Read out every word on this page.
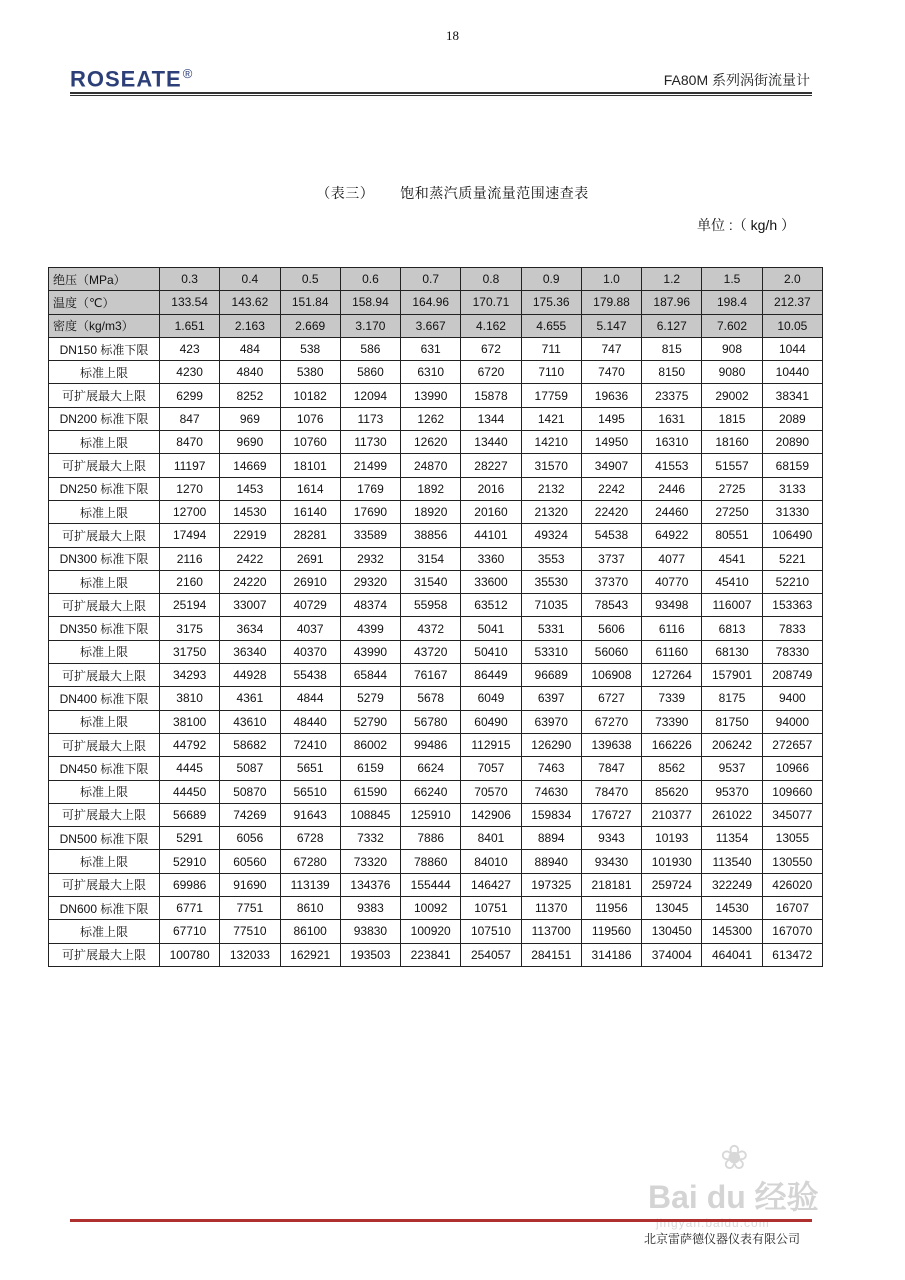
18
ROSEATE®	FA80M 系列涡街流量计
（表三） 饱和蒸汽质量流量范围速查表
单位 :（ kg/h ）
绝压（MPa）	0.3	0.4	0.5	0.6	0.7	0.8	0.9	1.0	1.2	1.5	2.0
温度（℃）	133.54	143.62	151.84	158.94	164.96	170.71	175.36	179.88	187.96	198.4	212.37
密度（kg/m3）	1.651	2.163	2.669	3.170	3.667	4.162	4.655	5.147	6.127	7.602	10.05
DN150 标准下限	423	484	538	586	631	672	711	747	815	908	1044
标准上限	4230	4840	5380	5860	6310	6720	7110	7470	8150	9080	10440
可扩展最大上限	6299	8252	10182	12094	13990	15878	17759	19636	23375	29002	38341
DN200 标准下限	847	969	1076	1173	1262	1344	1421	1495	1631	1815	2089
标准上限	8470	9690	10760	11730	12620	13440	14210	14950	16310	18160	20890
可扩展最大上限	11197	14669	18101	21499	24870	28227	31570	34907	41553	51557	68159
DN250 标准下限	1270	1453	1614	1769	1892	2016	2132	2242	2446	2725	3133
标准上限	12700	14530	16140	17690	18920	20160	21320	22420	24460	27250	31330
可扩展最大上限	17494	22919	28281	33589	38856	44101	49324	54538	64922	80551	106490
DN300 标准下限	2116	2422	2691	2932	3154	3360	3553	3737	4077	4541	5221
标准上限	2160	24220	26910	29320	31540	33600	35530	37370	40770	45410	52210
可扩展最大上限	25194	33007	40729	48374	55958	63512	71035	78543	93498	116007	153363
DN350 标准下限	3175	3634	4037	4399	4372	5041	5331	5606	6116	6813	7833
标准上限	31750	36340	40370	43990	43720	50410	53310	56060	61160	68130	78330
可扩展最大上限	34293	44928	55438	65844	76167	86449	96689	106908	127264	157901	208749
DN400 标准下限	3810	4361	4844	5279	5678	6049	6397	6727	7339	8175	9400
标准上限	38100	43610	48440	52790	56780	60490	63970	67270	73390	81750	94000
可扩展最大上限	44792	58682	72410	86002	99486	112915	126290	139638	166226	206242	272657
DN450 标准下限	4445	5087	5651	6159	6624	7057	7463	7847	8562	9537	10966
标准上限	44450	50870	56510	61590	66240	70570	74630	78470	85620	95370	109660
可扩展最大上限	56689	74269	91643	108845	125910	142906	159834	176727	210377	261022	345077
DN500 标准下限	5291	6056	6728	7332	7886	8401	8894	9343	10193	11354	13055
标准上限	52910	60560	67280	73320	78860	84010	88940	93430	101930	113540	130550
可扩展最大上限	69986	91690	113139	134376	155444	146427	197325	218181	259724	322249	426020
DN600 标准下限	6771	7751	8610	9383	10092	10751	11370	11956	13045	14530	16707
标准上限	67710	77510	86100	93830	100920	107510	113700	119560	130450	145300	167070
可扩展最大上限	100780	132033	162921	193503	223841	254057	284151	314186	374004	464041	613472
❀
Bai du 经验
jingyan.baidu.com
北京雷萨德仪器仪表有限公司
